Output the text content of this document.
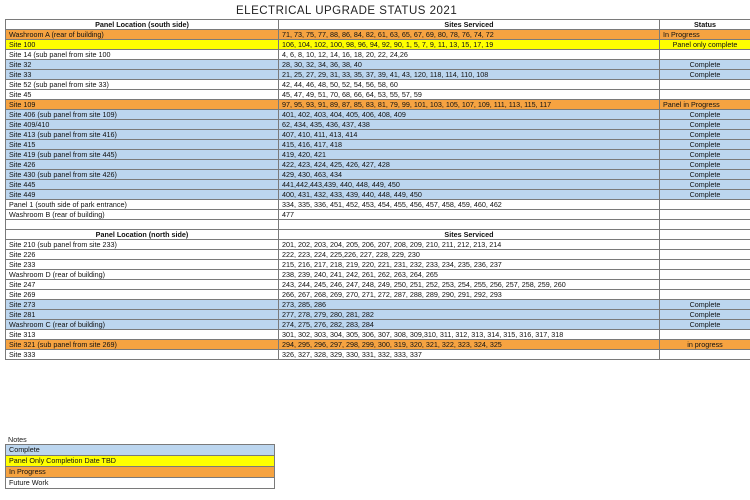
ELECTRICAL UPGRADE STATUS 2021
Panel Location (south side)	Sites Serviced	Status
Washroom A (rear of building)	71, 73, 75, 77, 88, 86, 84, 82, 61, 63, 65, 67, 69, 80, 78, 76, 74, 72	In Progress
Site 100	106, 104, 102, 100, 98, 96, 94, 92, 90, 1, 5, 7, 9, 11, 13, 15, 17, 19	Panel only complete
Site 14 (sub panel from site 100	4, 6, 8, 10, 12, 14, 16, 18, 20, 22, 24,26	
Site 32	28, 30, 32, 34, 36, 38, 40	Complete
Site 33	21, 25, 27, 29, 31, 33, 35, 37, 39, 41, 43, 120, 118, 114, 110, 108	Complete
Site 52 (sub panel from site 33)	42, 44, 46, 48, 50, 52, 54, 56, 58, 60	
Site 45	45, 47, 49, 51, 70, 68, 66, 64, 53, 55, 57, 59	
Site 109	97, 95, 93, 91, 89, 87, 85, 83, 81, 79, 99, 101, 103, 105, 107, 109, 111, 113, 115, 117	Panel in Progress
Site 406 (sub panel from site 109)	401, 402, 403, 404, 405, 406, 408, 409	Complete
Site 409/410	62, 434, 435, 436, 437, 438	Complete
Site 413 (sub panel from site 416)	407, 410, 411, 413, 414	Complete
Site 415	415, 416, 417, 418	Complete
Site 419 (sub panel from site 445)	419, 420, 421	Complete
Site 426	422, 423, 424, 425, 426, 427, 428	Complete
Site 430 (sub panel from site 426)	429, 430, 463, 434	Complete
Site 445	441,442,443,439, 440, 448, 449, 450	Complete
Site 449	400, 431, 432, 433, 439, 440, 448, 449, 450	Complete
Panel 1 (south side of park entrance)	334, 335, 336, 451, 452, 453, 454, 455, 456, 457, 458, 459, 460, 462	
Washroom B (rear of building)	477	

Panel Location (north side)	Sites Serviced	
Site 210 (sub panel from site 233)	201, 202, 203, 204, 205, 206, 207, 208, 209, 210, 211, 212, 213, 214	
Site 226	222, 223, 224, 225,226, 227, 228, 229, 230	
Site 233	215, 216, 217, 218, 219, 220, 221, 231, 232, 233, 234, 235, 236, 237	
Washroom D (rear of building)	238, 239, 240, 241, 242, 261, 262, 263, 264, 265	
Site 247	243, 244, 245, 246, 247, 248, 249, 250, 251, 252, 253, 254, 255, 256, 257, 258, 259, 260	
Site 269	266, 267, 268, 269, 270, 271, 272, 287, 288, 289, 290, 291, 292, 293	
Site 273	273, 285, 286	Complete
Site 281	277, 278, 279, 280, 281, 282	Complete
Washroom C (rear of building)	274, 275, 276, 282, 283, 284	Complete
Site 313	301, 302, 303, 304, 305, 306, 307, 308, 309,310, 311, 312, 313, 314, 315, 316, 317, 318	
Site 321 (sub panel from site 269)	294, 295, 296, 297, 298, 299, 300, 319, 320, 321, 322, 323, 324, 325	in progress
Site 333	326, 327, 328, 329, 330, 331, 332, 333, 337	
Notes
Complete
Panel Only Completion Date TBD
In Progress
Future Work
